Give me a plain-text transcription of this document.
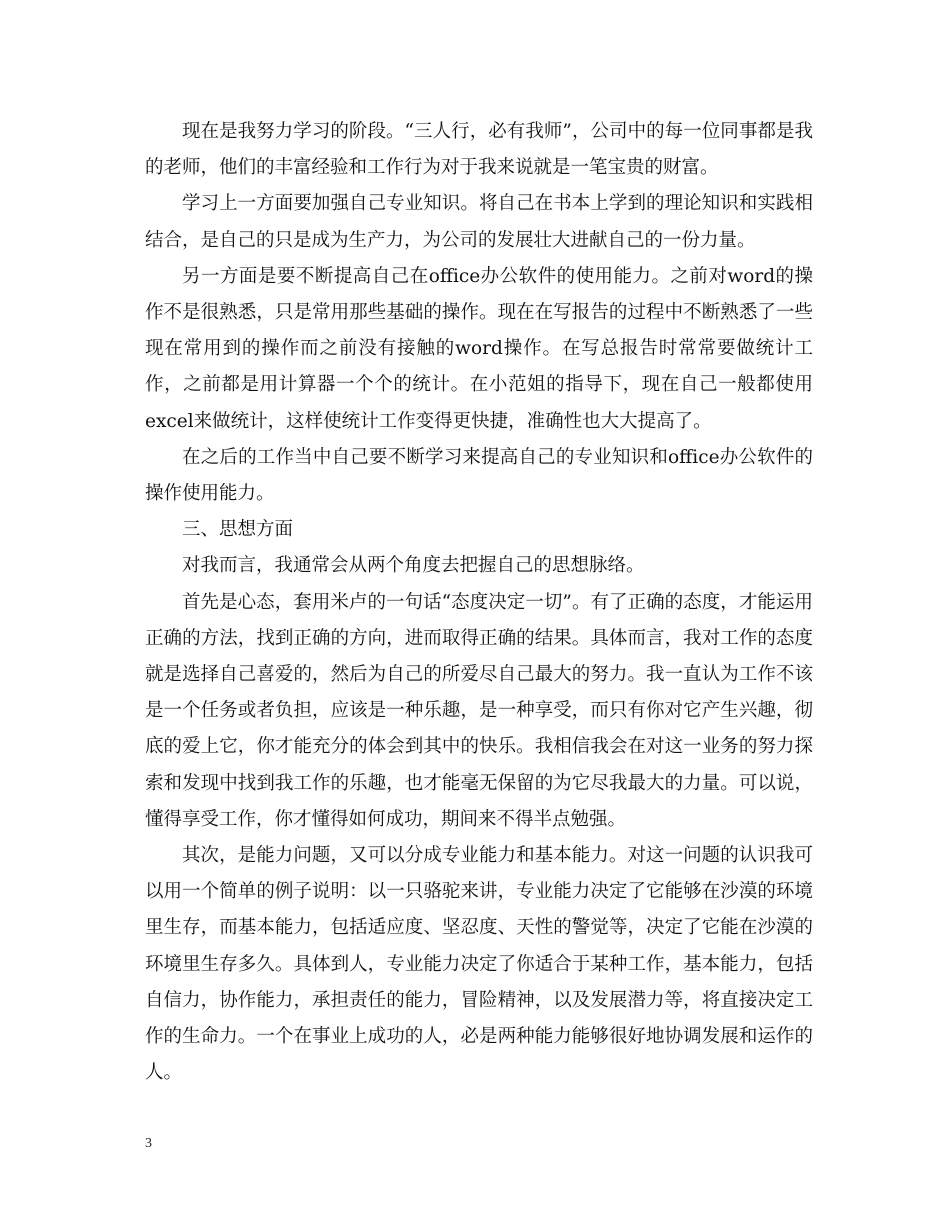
现在是我努力学习的阶段。“三人行，必有我师”，公司中的每一位同事都是我的老师，他们的丰富经验和工作行为对于我来说就是一笔宝贵的财富。

学习上一方面要加强自己专业知识。将自己在书本上学到的理论知识和实践相结合，是自己的只是成为生产力，为公司的发展壮大进献自己的一份力量。

另一方面是要不断提高自己在office办公软件的使用能力。之前对word的操作不是很熟悉，只是常用那些基础的操作。现在在写报告的过程中不断熟悉了一些现在常用到的操作而之前没有接触的word操作。在写总报告时常常要做统计工作，之前都是用计算器一个个的统计。在小范姐的指导下，现在自己一般都使用excel来做统计，这样使统计工作变得更快捷，准确性也大大提高了。

在之后的工作当中自己要不断学习来提高自己的专业知识和office办公软件的操作使用能力。

三、思想方面

对我而言，我通常会从两个角度去把握自己的思想脉络。

首先是心态，套用米卢的一句话“态度决定一切”。有了正确的态度，才能运用正确的方法，找到正确的方向，进而取得正确的结果。具体而言，我对工作的态度就是选择自己喜爱的，然后为自己的所爱尽自己最大的努力。我一直认为工作不该是一个任务或者负担，应该是一种乐趣，是一种享受，而只有你对它产生兴趣，彻底的爱上它，你才能充分的体会到其中的快乐。我相信我会在对这一业务的努力探索和发现中找到我工作的乐趣，也才能毫无保留的为它尽我最大的力量。可以说，懂得享受工作，你才懂得如何成功，期间来不得半点勉强。

其次，是能力问题，又可以分成专业能力和基本能力。对这一问题的认识我可以用一个简单的例子说明：以一只骆驼来讲，专业能力决定了它能够在沙漠的环境里生存，而基本能力，包括适应度、坚忍度、天性的警觉等，决定了它能在沙漠的环境里生存多久。具体到人，专业能力决定了你适合于某种工作，基本能力，包括自信力，协作能力，承担责任的能力，冒险精神，以及发展潜力等，将直接决定工作的生命力。一个在事业上成功的人，必是两种能力能够很好地协调发展和运作的人。

3
